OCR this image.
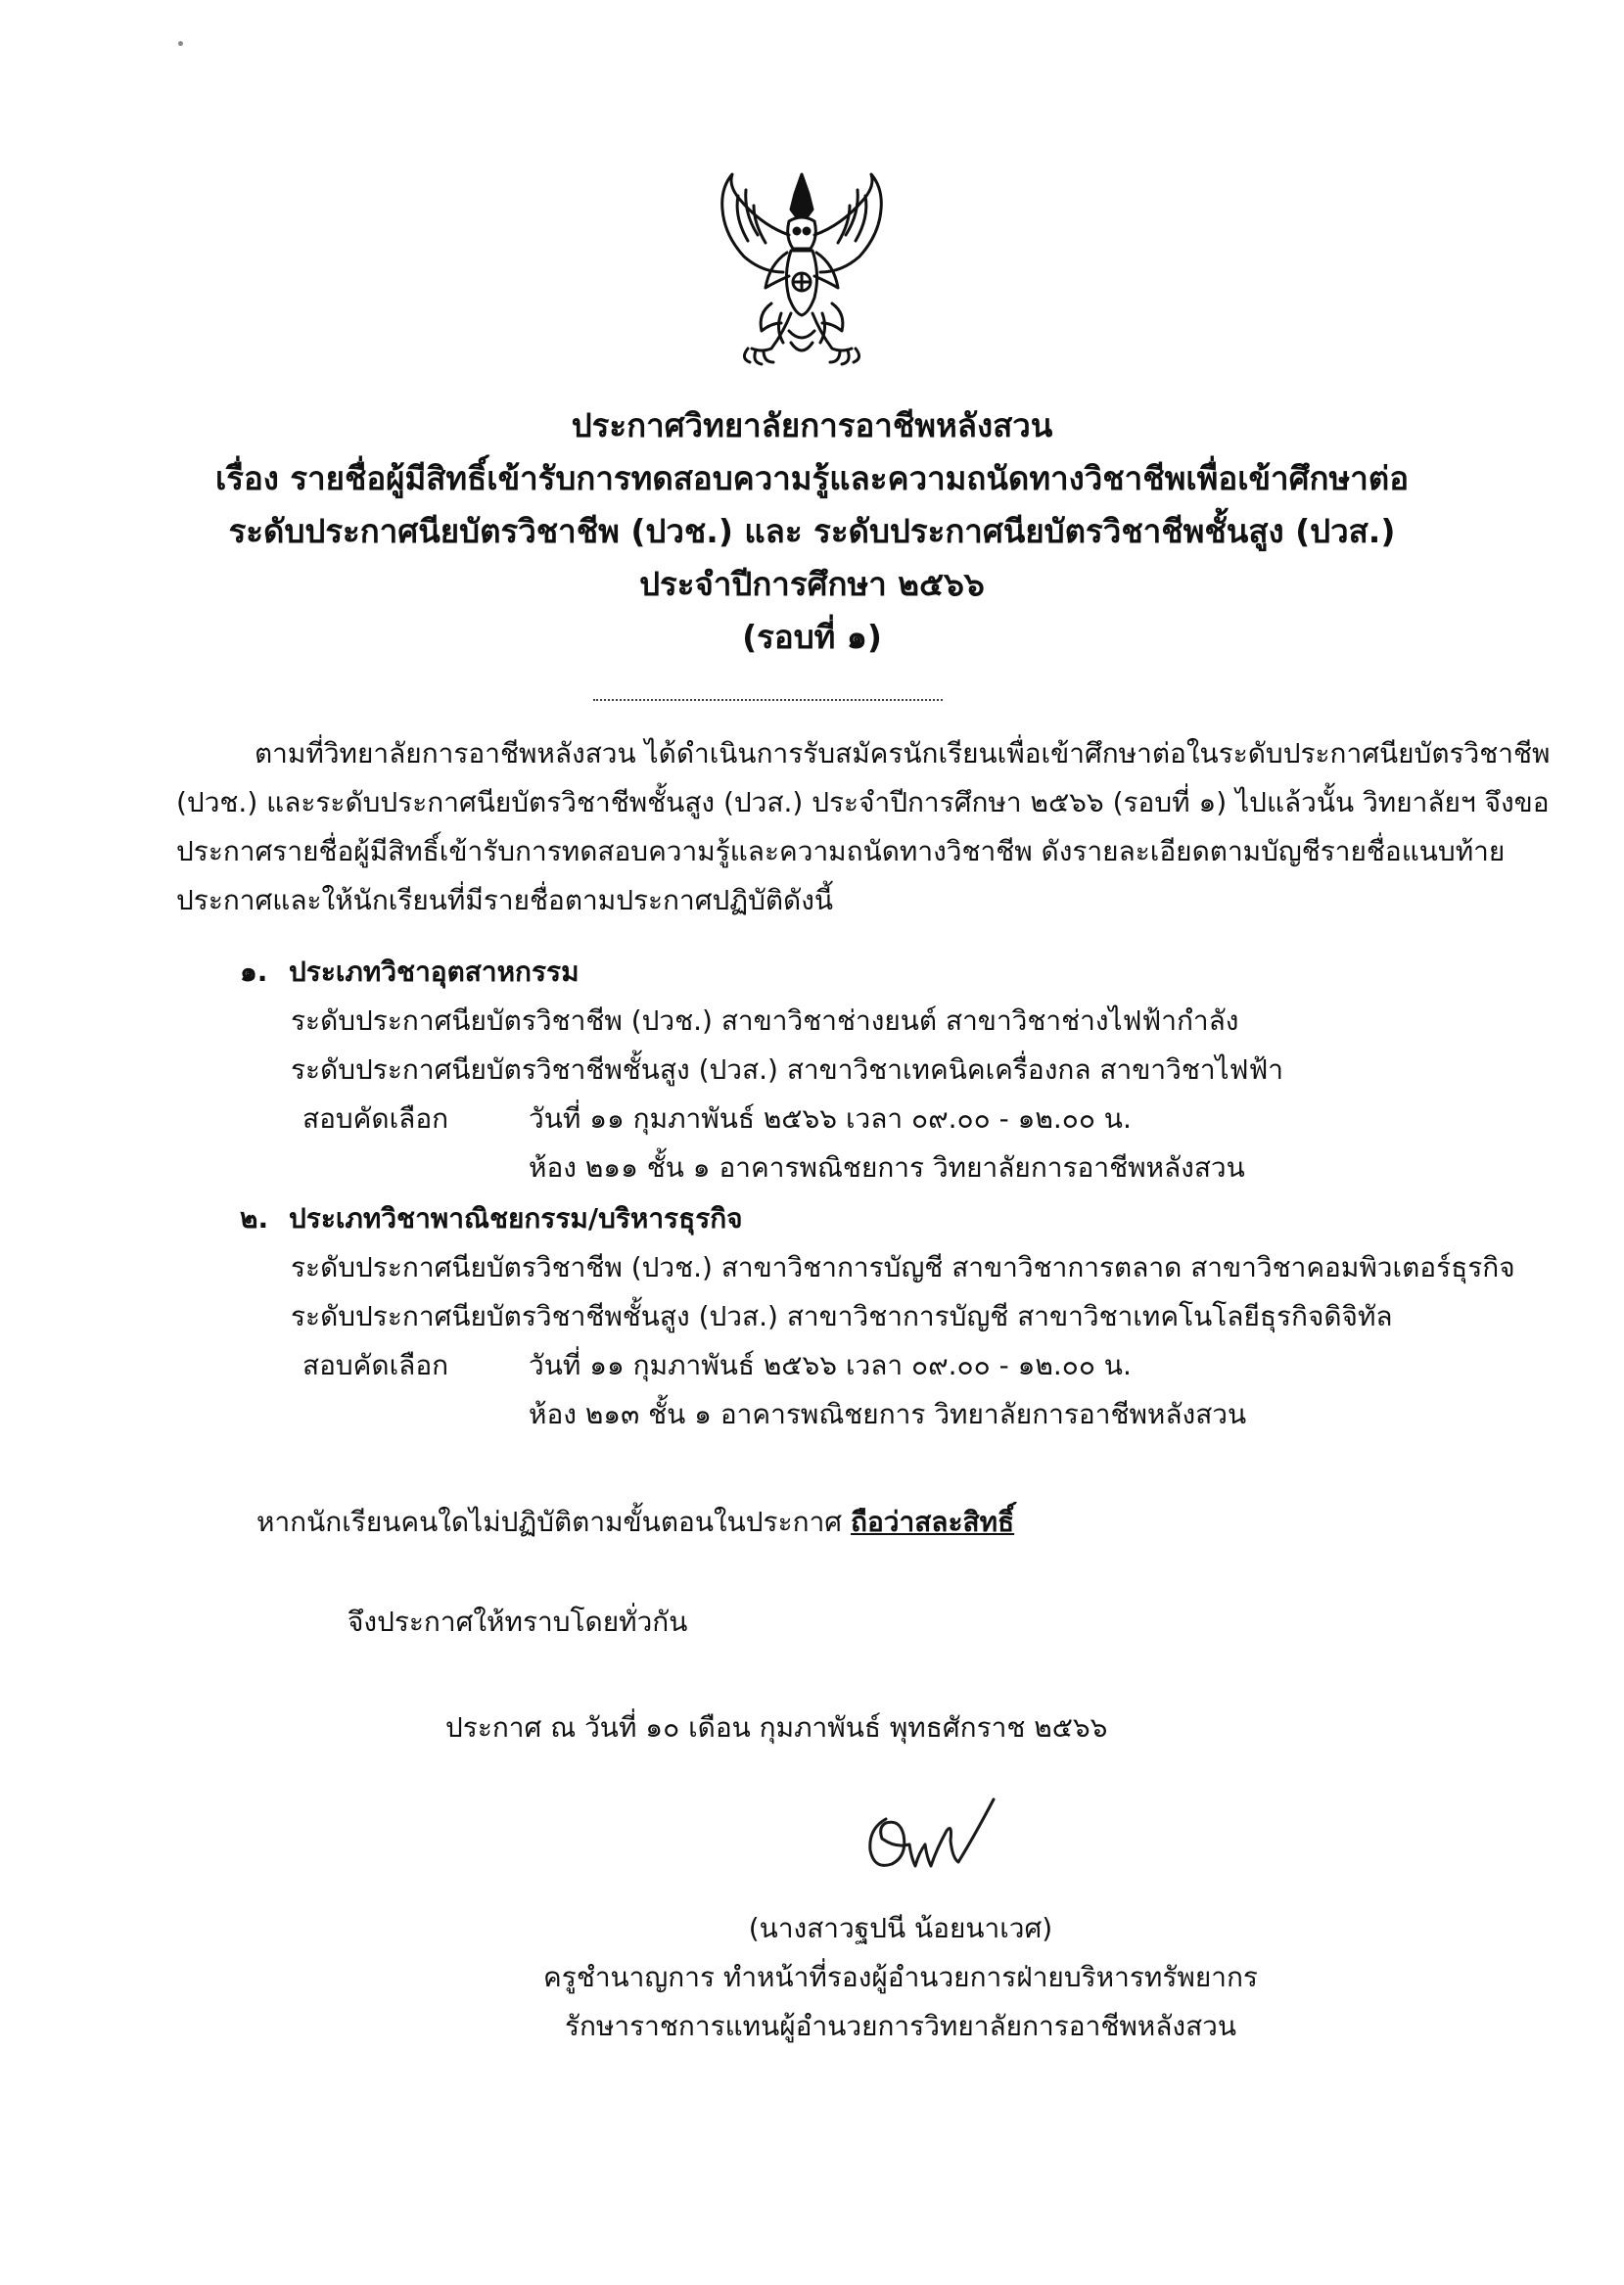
ประกาศวิทยาลัยการอาชีพหลังสวน
เรื่อง รายชื่อผู้มีสิทธิ์เข้ารับการทดสอบความรู้และความถนัดทางวิชาชีพเพื่อเข้าศึกษาต่อ
ระดับประกาศนียบัตรวิชาชีพ (ปวช.) และ ระดับประกาศนียบัตรวิชาชีพชั้นสูง (ปวส.)
ประจำปีการศึกษา ๒๕๖๖
(รอบที่ ๑)
ตามที่วิทยาลัยการอาชีพหลังสวน ได้ดำเนินการรับสมัครนักเรียนเพื่อเข้าศึกษาต่อในระดับประกาศนียบัตรวิชาชีพ
(ปวช.) และระดับประกาศนียบัตรวิชาชีพชั้นสูง (ปวส.) ประจำปีการศึกษา ๒๕๖๖ (รอบที่ ๑) ไปแล้วนั้น วิทยาลัยฯ จึงขอ
ประกาศรายชื่อผู้มีสิทธิ์เข้ารับการทดสอบความรู้และความถนัดทางวิชาชีพ ดังรายละเอียดตามบัญชีรายชื่อแนบท้าย
ประกาศและให้นักเรียนที่มีรายชื่อตามประกาศปฏิบัติดังนี้
๑. ประเภทวิชาอุตสาหกรรม
ระดับประกาศนียบัตรวิชาชีพ (ปวช.) สาขาวิชาช่างยนต์ สาขาวิชาช่างไฟฟ้ากำลัง
ระดับประกาศนียบัตรวิชาชีพชั้นสูง (ปวส.) สาขาวิชาเทคนิคเครื่องกล สาขาวิชาไฟฟ้า
สอบคัดเลือก	วันที่ ๑๑ กุมภาพันธ์ ๒๕๖๖ เวลา ๐๙.๐๐ - ๑๒.๐๐ น.
ห้อง ๒๑๑ ชั้น ๑ อาคารพณิชยการ วิทยาลัยการอาชีพหลังสวน
๒. ประเภทวิชาพาณิชยกรรม/บริหารธุรกิจ
ระดับประกาศนียบัตรวิชาชีพ (ปวช.) สาขาวิชาการบัญชี สาขาวิชาการตลาด สาขาวิชาคอมพิวเตอร์ธุรกิจ
ระดับประกาศนียบัตรวิชาชีพชั้นสูง (ปวส.) สาขาวิชาการบัญชี สาขาวิชาเทคโนโลยีธุรกิจดิจิทัล
สอบคัดเลือก	วันที่ ๑๑ กุมภาพันธ์ ๒๕๖๖ เวลา ๐๙.๐๐ - ๑๒.๐๐ น.
ห้อง ๒๑๓ ชั้น ๑ อาคารพณิชยการ วิทยาลัยการอาชีพหลังสวน
หากนักเรียนคนใดไม่ปฏิบัติตามขั้นตอนในประกาศ ถือว่าสละสิทธิ์
จึงประกาศให้ทราบโดยทั่วกัน
ประกาศ ณ วันที่ ๑๐ เดือน กุมภาพันธ์ พุทธศักราช ๒๕๖๖
(นางสาวฐปนี น้อยนาเวศ)
ครูชำนาญการ ทำหน้าที่รองผู้อำนวยการฝ่ายบริหารทรัพยากร
รักษาราชการแทนผู้อำนวยการวิทยาลัยการอาชีพหลังสวน
